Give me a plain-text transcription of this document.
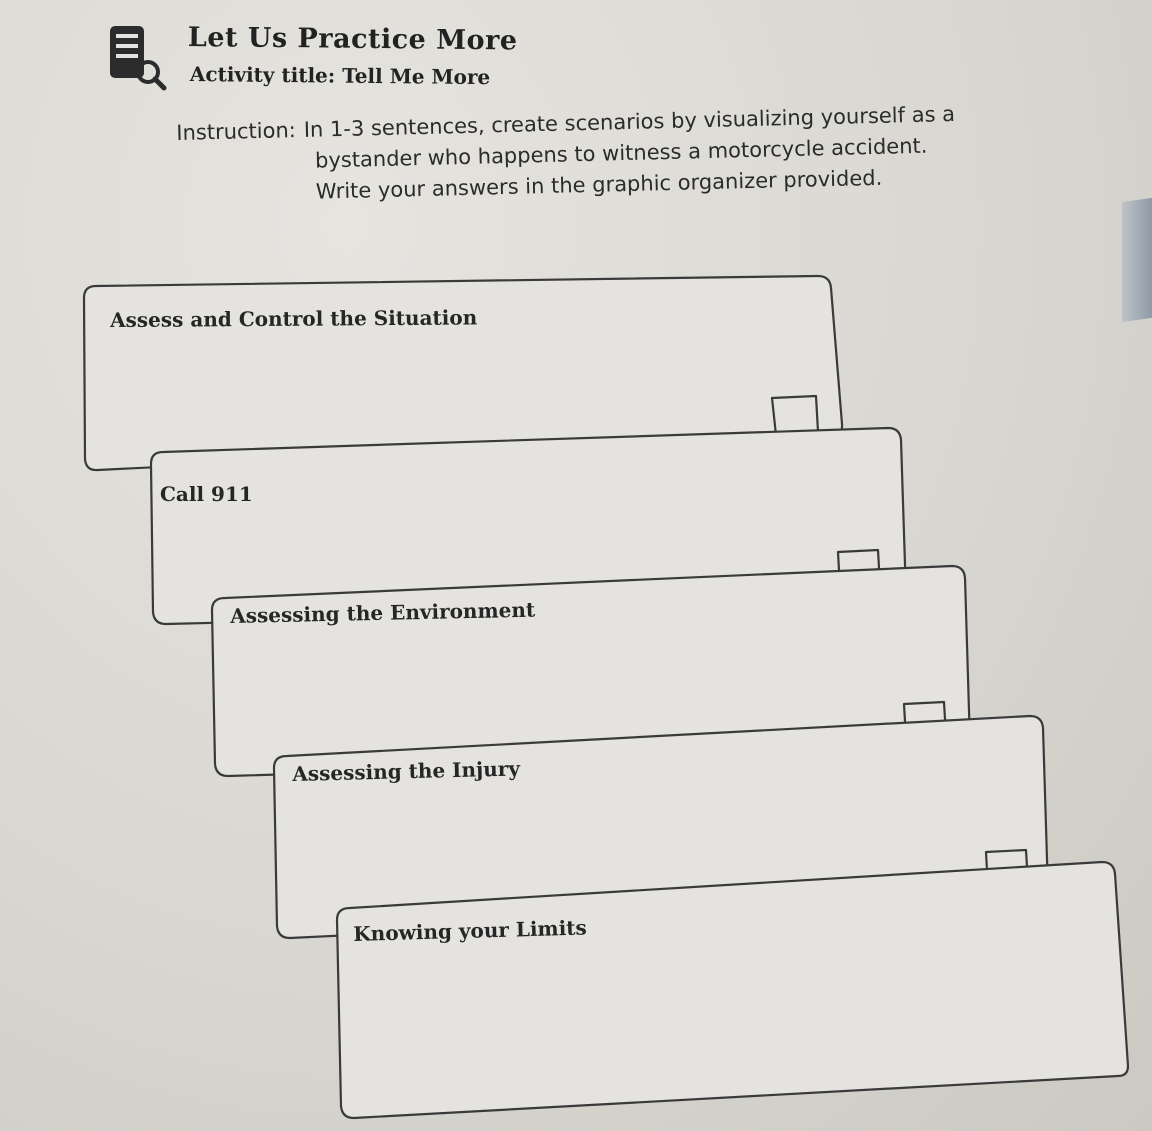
Let Us Practice More
Activity title: Tell Me More
Instruction: In 1-3 sentences, create scenarios by visualizing yourself as a bystander who happens to witness a motorcycle accident. Write your answers in the graphic organizer provided.
Assess and Control the Situation
Call 911
Assessing the Environment
Assessing the Injury
Knowing your Limits
